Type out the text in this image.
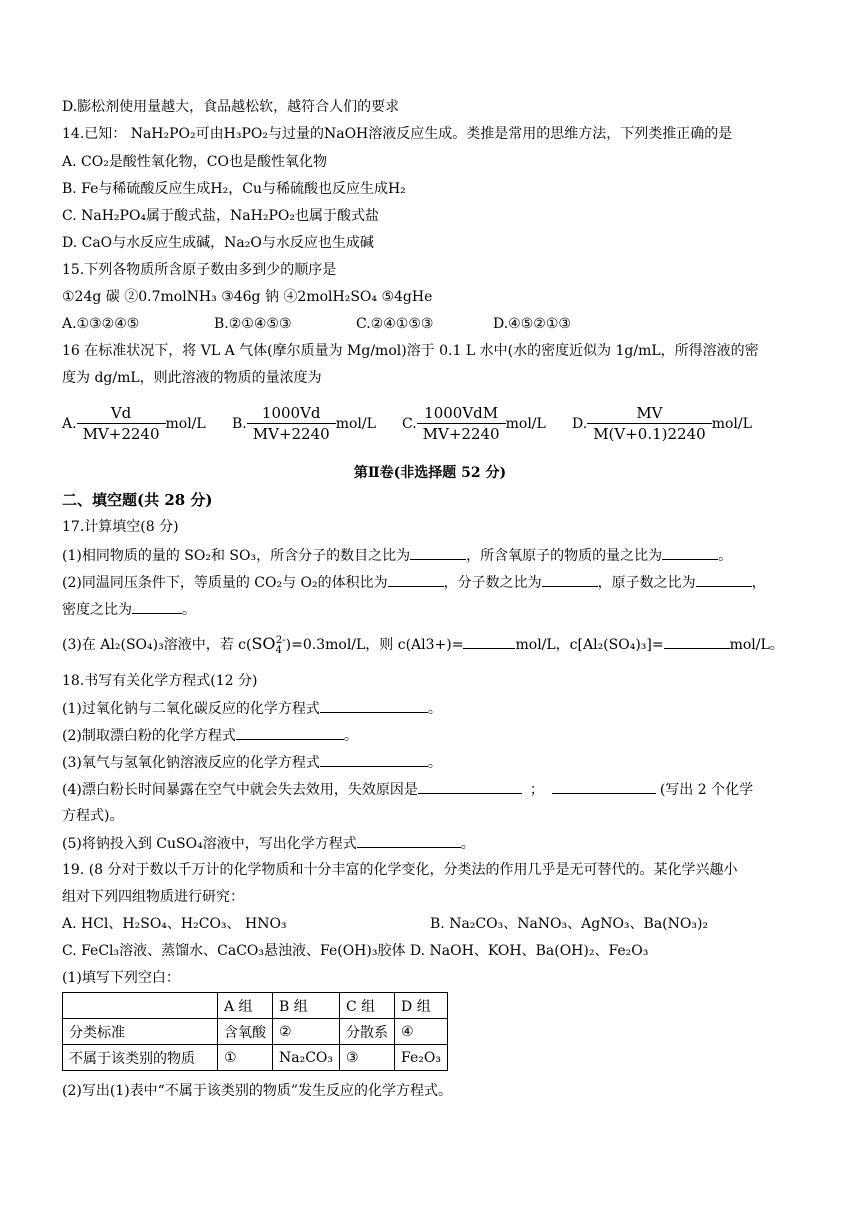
D.膨松剂使用量越大，食品越松软，越符合人们的要求
14.已知： NaH₂PO₂可由H₃PO₂与过量的NaOH溶液反应生成。类推是常用的思维方法，下列类推正确的是
A. CO₂是酸性氧化物，CO也是酸性氧化物
B. Fe与稀硫酸反应生成H₂，Cu与稀硫酸也反应生成H₂
C. NaH₂PO₄属于酸式盐，NaH₂PO₂也属于酸式盐
D. CaO与水反应生成碱，Na₂O与水反应也生成碱
15.下列各物质所含原子数由多到少的顺序是
①24g 碳 ②0.7molNH₃ ③46g 钠 ④2molH₂SO₄ ⑤4gHe
A.①③②④⑤	B.②①④⑤③	C.②④①⑤③	D.④⑤②①③
16 在标准状况下，将 VL A 气体(摩尔质量为 Mg/mol)溶于 0.1 L 水中(水的密度近似为 1g/mL，所得溶液的密
度为 dg/mL，则此溶液的物质的量浓度为
A. $\frac{Vd}{MV+2240} mol/L$ B. $\frac{1000Vd}{MV+2240} mol/L$ C. $\frac{\text{1000VdM}}{MV+2240} mol/L$ D. $\frac{MV}{M(V+0.1)2240} mol/L$
第Ⅱ卷(非选择题 52 分)
二、填空题(共 28 分)
17.计算填空(8 分)
(1)相同物质的量的 SO₂和 SO₃，所含分子的数目之比为	，所含氧原子的物质的量之比为	。
(2)同温同压条件下，等质量的 CO₂与 O₂的体积比为	，分子数之比为	，原子数之比为	，
密度之比为	。
(3)在 Al₂(SO₄)₃溶液中，若 $c(SO_4^{2-})=0.3mol/L$，则 c(Al3+)=	mol/L，c[Al₂(SO₄)₃]=	mol/L。
18.书写有关化学方程式(12 分)
(1)过氧化钠与二氧化碳反应的化学方程式	。
(2)制取漂白粉的化学方程式	。
(3)氧气与氢氧化钠溶液反应的化学方程式	。
(4)漂白粉长时间暴露在空气中就会失去效用，失效原因是	；	(写出 2 个化学
方程式)。
(5)将钠投入到 CuSO₄溶液中，写出化学方程式	。
19. (8 分对于数以千万计的化学物质和十分丰富的化学变化，分类法的作用几乎是无可替代的。某化学兴趣小
组对下列四组物质进行研究：
A. HCl、H₂SO₄、H₂CO₃、 HNO₃	B. Na₂CO₃、NaNO₃、AgNO₃、Ba(NO₃)₂
C. FeCl₃溶液、蒸馏水、CaCO₃悬浊液、Fe(OH)₃胶体 D. NaOH、KOH、Ba(OH)₂、Fe₂O₃
(1)填写下列空白：
	A 组	B 组	C 组	D 组
分类标准	含氧酸	②	分散系	④
不属于该类别的物质	①	Na₂CO₃	③	Fe₂O₃
(2)写出(1)表中“不属于该类别的物质”发生反应的化学方程式。
